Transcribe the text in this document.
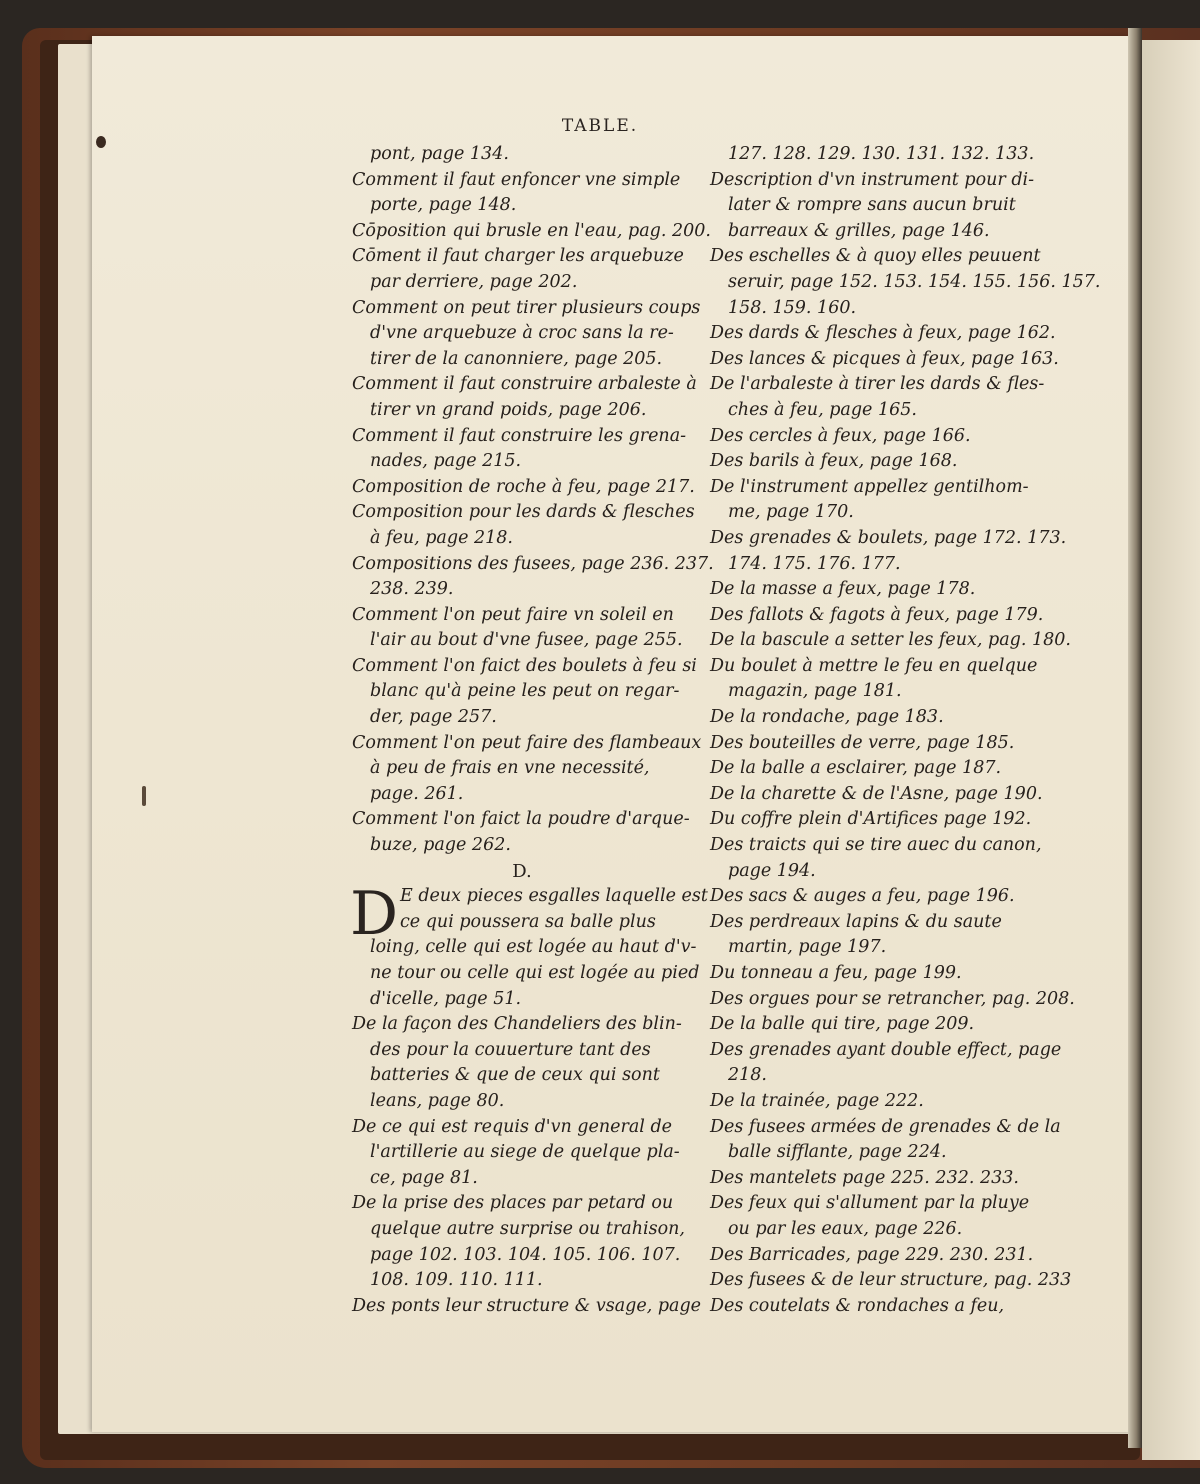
TABLE.
pont, page 134.
Comment il faut enfoncer vne simple
porte, page 148.
Cōposition qui brusle en l'eau, pag. 200.
Cōment il faut charger les arquebuze
par derriere, page 202.
Comment on peut tirer plusieurs coups
d'vne arquebuze à croc sans la re-
tirer de la canonniere, page 205.
Comment il faut construire arbaleste à
tirer vn grand poids, page 206.
Comment il faut construire les grena-
nades, page 215.
Composition de roche à feu, page 217.
Composition pour les dards & flesches
à feu, page 218.
Compositions des fusees, page 236. 237.
238. 239.
Comment l'on peut faire vn soleil en
l'air au bout d'vne fusee, page 255.
Comment l'on faict des boulets à feu si
blanc qu'à peine les peut on regar-
der, page 257.
Comment l'on peut faire des flambeaux
à peu de frais en vne necessité,
page. 261.
Comment l'on faict la poudre d'arque-
buze, page 262.
D.
D E deux pieces esgalles laquelle est
ce qui poussera sa balle plus
loing, celle qui est logée au haut d'v-
ne tour ou celle qui est logée au pied
d'icelle, page 51.
De la façon des Chandeliers des blin-
des pour la couuerture tant des
batteries & que de ceux qui sont
leans, page 80.
De ce qui est requis d'vn general de
l'artillerie au siege de quelque pla-
ce, page 81.
De la prise des places par petard ou
quelque autre surprise ou trahison,
page 102. 103. 104. 105. 106. 107.
108. 109. 110. 111.
Des ponts leur structure & vsage, page
127. 128. 129. 130. 131. 132. 133.
Description d'vn instrument pour di-
later & rompre sans aucun bruit
barreaux & grilles, page 146.
Des eschelles & à quoy elles peuuent
seruir, page 152. 153. 154. 155. 156. 157.
158. 159. 160.
Des dards & flesches à feux, page 162.
Des lances & picques à feux, page 163.
De l'arbaleste à tirer les dards & fles-
ches à feu, page 165.
Des cercles à feux, page 166.
Des barils à feux, page 168.
De l'instrument appellez gentilhom-
me, page 170.
Des grenades & boulets, page 172. 173.
174. 175. 176. 177.
De la masse a feux, page 178.
Des fallots & fagots à feux, page 179.
De la bascule a setter les feux, pag. 180.
Du boulet à mettre le feu en quelque
magazin, page 181.
De la rondache, page 183.
Des bouteilles de verre, page 185.
De la balle a esclairer, page 187.
De la charette & de l'Asne, page 190.
Du coffre plein d'Artifices page 192.
Des traicts qui se tire auec du canon,
page 194.
Des sacs & auges a feu, page 196.
Des perdreaux lapins & du saute
martin, page 197.
Du tonneau a feu, page 199.
Des orgues pour se retrancher, pag. 208.
De la balle qui tire, page 209.
Des grenades ayant double effect, page
218.
De la trainée, page 222.
Des fusees armées de grenades & de la
balle sifflante, page 224.
Des mantelets page 225. 232. 233.
Des feux qui s'allument par la pluye
ou par les eaux, page 226.
Des Barricades, page 229. 230. 231.
Des fusees & de leur structure, pag. 233
Des coutelats & rondaches a feu,
